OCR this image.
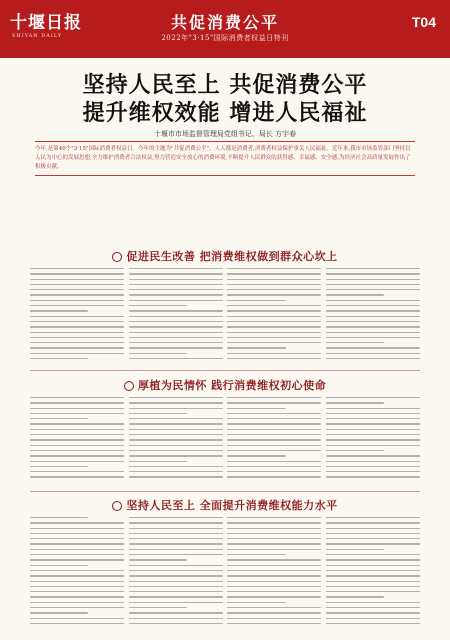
十堰日报
SHIYAN DAILY
共促消费公平
2022年"3·15"国际消费者权益日特刊
T04
坚持人民至上 共促消费公平
提升维权效能 增进人民福祉
十堰市市场监督管理局党组书记、局长 方宇春
今年,是第40个"3·15"国际消费者权益日。今年的主题为"共促消费公平"。人人都是消费者,消费者权益保护事关人民福祉。近年来,我市市场监管部门坚持以人民为中心的发展思想,全力维护消费者合法权益,努力营造安全放心的消费环境,不断提升人民群众的获得感、幸福感、安全感,为经济社会高质量发展作出了积极贡献。
促进民生改善 把消费维权做到群众心坎上
厚植为民情怀 践行消费维权初心使命
坚持人民至上 全面提升消费维权能力水平
